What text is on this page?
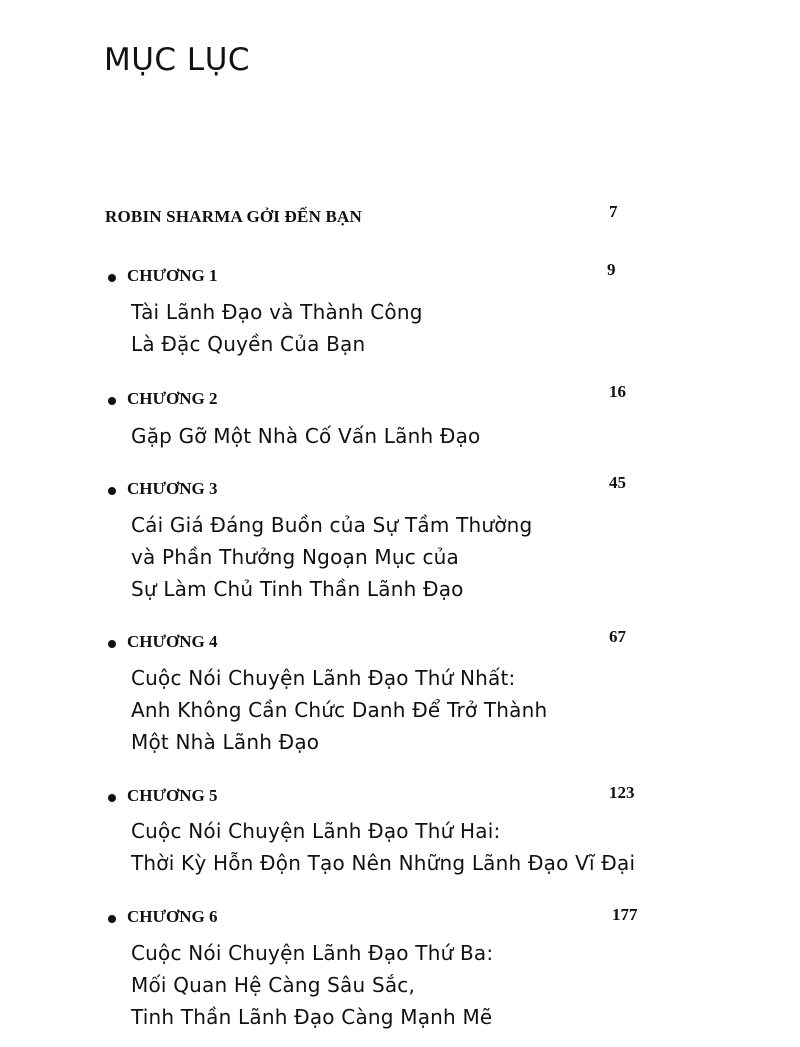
MỤC LỤC
ROBIN SHARMA GỞI ĐẾN BẠN	7
CHƯƠNG 1	9
Tài Lãnh Đạo và Thành Công
Là Đặc Quyền Của Bạn
CHƯƠNG 2	16
Gặp Gỡ Một Nhà Cố Vấn Lãnh Đạo
CHƯƠNG 3	45
Cái Giá Đáng Buồn của Sự Tầm Thường
và Phần Thưởng Ngoạn Mục của
Sự Làm Chủ Tinh Thần Lãnh Đạo
CHƯƠNG 4	67
Cuộc Nói Chuyện Lãnh Đạo Thứ Nhất:
Anh Không Cần Chức Danh Để Trở Thành
Một Nhà Lãnh Đạo
CHƯƠNG 5	123
Cuộc Nói Chuyện Lãnh Đạo Thứ Hai:
Thời Kỳ Hỗn Độn Tạo Nên Những Lãnh Đạo Vĩ Đại
CHƯƠNG 6	177
Cuộc Nói Chuyện Lãnh Đạo Thứ Ba:
Mối Quan Hệ Càng Sâu Sắc,
Tinh Thần Lãnh Đạo Càng Mạnh Mẽ
